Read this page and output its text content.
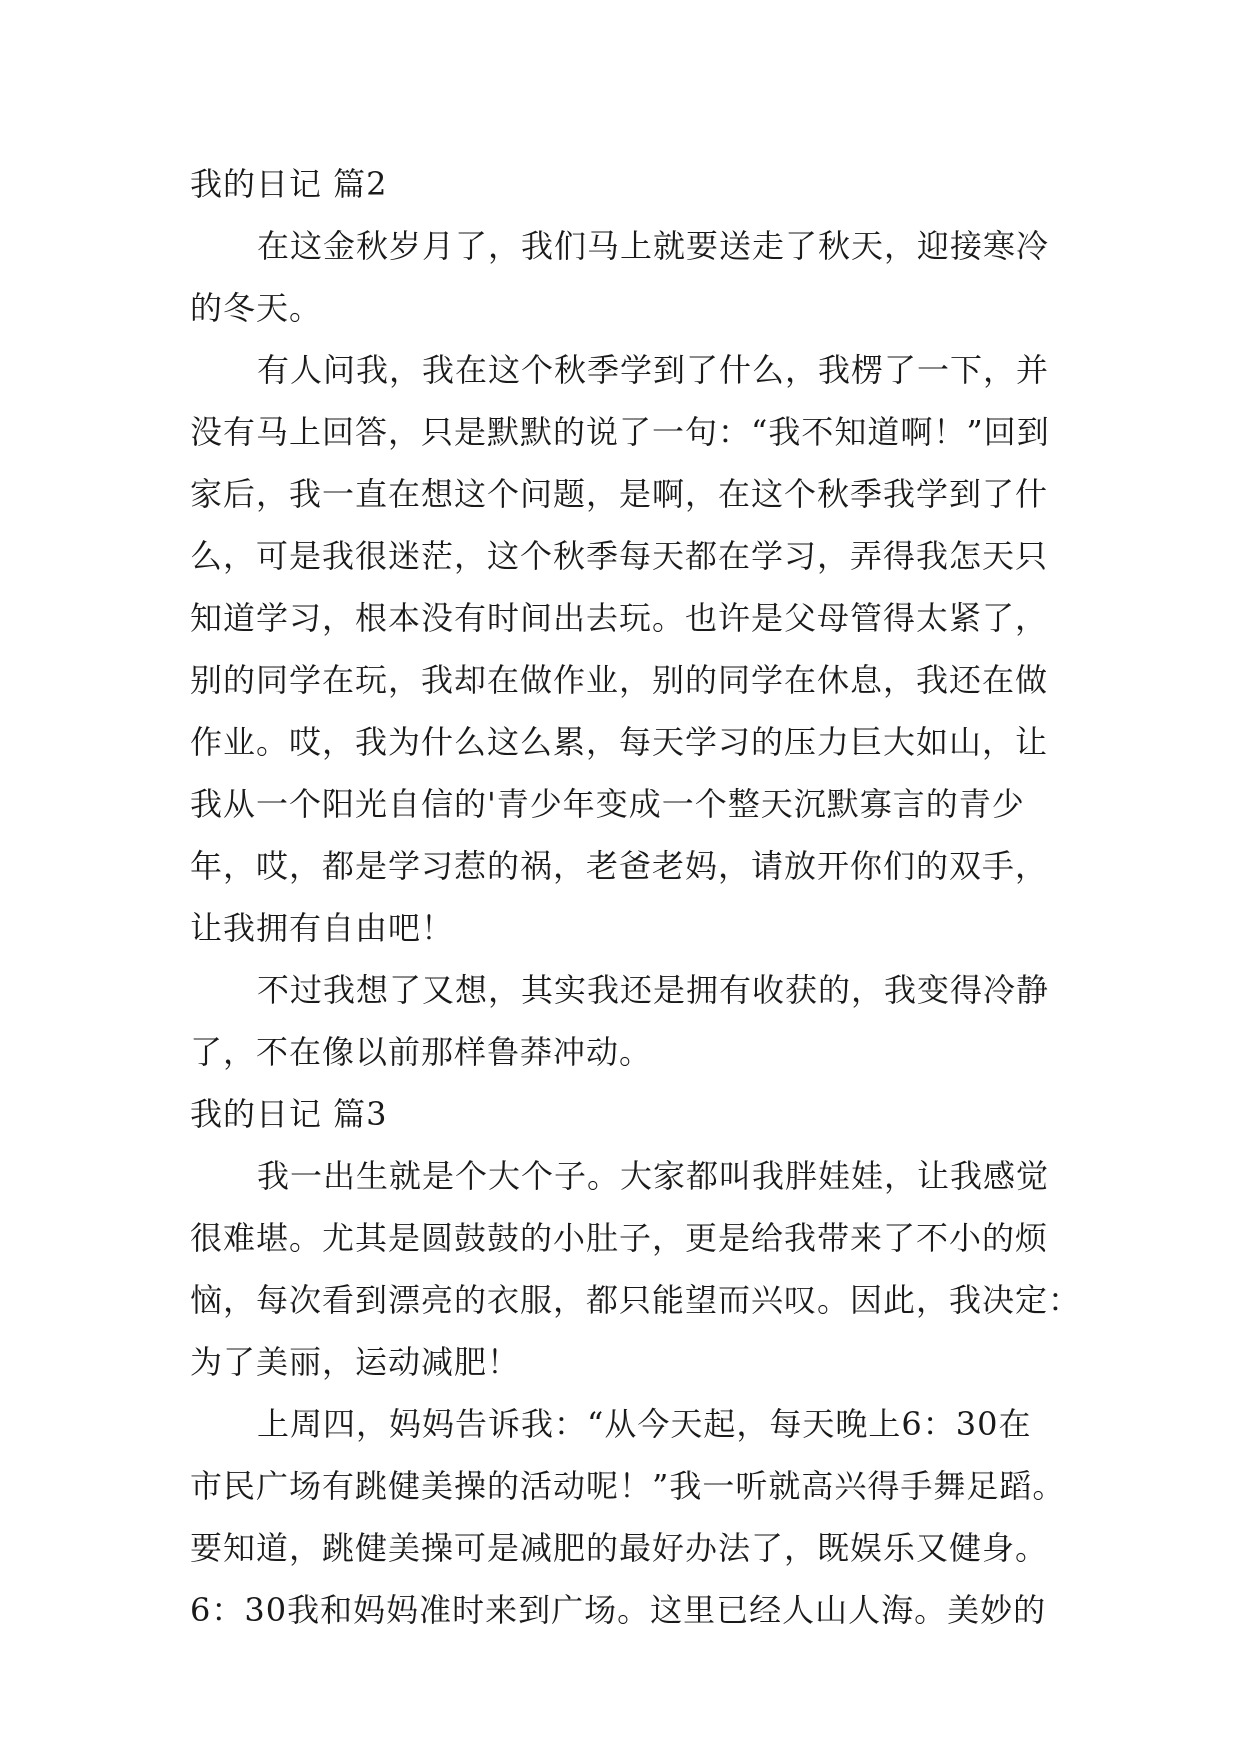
我的日记 篇2
在这金秋岁月了，我们马上就要送走了秋天，迎接寒冷
的冬天。
有人问我，我在这个秋季学到了什么，我楞了一下，并
没有马上回答，只是默默的说了一句：“我不知道啊！”回到
家后，我一直在想这个问题，是啊，在这个秋季我学到了什
么，可是我很迷茫，这个秋季每天都在学习，弄得我怎天只
知道学习，根本没有时间出去玩。也许是父母管得太紧了，
别的同学在玩，我却在做作业，别的同学在休息，我还在做
作业。哎，我为什么这么累，每天学习的压力巨大如山，让
我从一个阳光自信的'青少年变成一个整天沉默寡言的青少
年，哎，都是学习惹的祸，老爸老妈，请放开你们的双手，
让我拥有自由吧！
不过我想了又想，其实我还是拥有收获的，我变得冷静
了，不在像以前那样鲁莽冲动。
我的日记 篇3
我一出生就是个大个子。大家都叫我胖娃娃，让我感觉
很难堪。尤其是圆鼓鼓的小肚子，更是给我带来了不小的烦
恼，每次看到漂亮的衣服，都只能望而兴叹。因此，我决定：
为了美丽，运动减肥！
上周四，妈妈告诉我：“从今天起，每天晚上6：30在
市民广场有跳健美操的活动呢！”我一听就高兴得手舞足蹈。
要知道，跳健美操可是减肥的最好办法了，既娱乐又健身。
6：30我和妈妈准时来到广场。这里已经人山人海。美妙的
